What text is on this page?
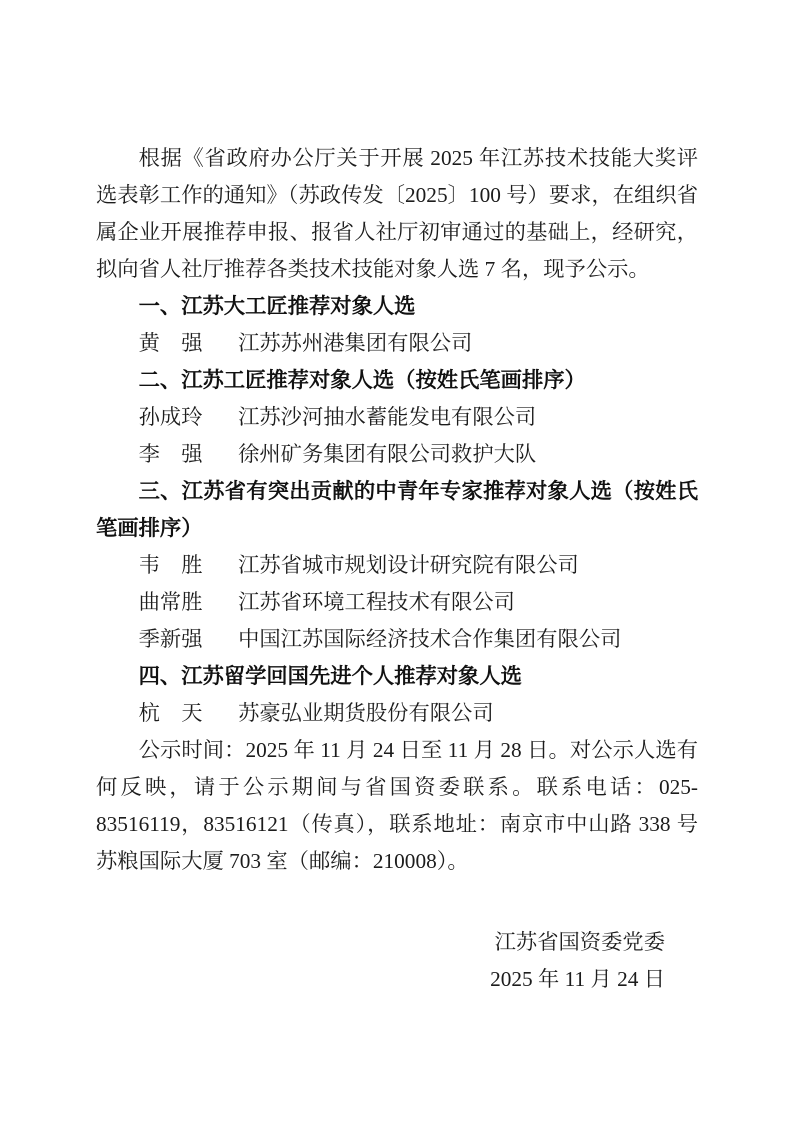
根据《省政府办公厅关于开展 2025 年江苏技术技能大奖评选表彰工作的通知》（苏政传发〔2025〕100 号）要求，在组织省属企业开展推荐申报、报省人社厅初审通过的基础上，经研究，拟向省人社厅推荐各类技术技能对象人选 7 名，现予公示。

一、江苏大工匠推荐对象人选

黄　强 江苏苏州港集团有限公司

二、江苏工匠推荐对象人选（按姓氏笔画排序）

孙成玲 江苏沙河抽水蓄能发电有限公司

李　强 徐州矿务集团有限公司救护大队

三、江苏省有突出贡献的中青年专家推荐对象人选（按姓氏笔画排序）

韦　胜 江苏省城市规划设计研究院有限公司

曲常胜 江苏省环境工程技术有限公司

季新强 中国江苏国际经济技术合作集团有限公司

四、江苏留学回国先进个人推荐对象人选

杭　天 苏豪弘业期货股份有限公司

公示时间：2025 年 11 月 24 日至 11 月 28 日。对公示人选有何反映，请于公示期间与省国资委联系。联系电话：025-83516119，83516121（传真），联系地址：南京市中山路 338 号苏粮国际大厦 703 室（邮编：210008）。

江苏省国资委党委

2025 年 11 月 24 日
